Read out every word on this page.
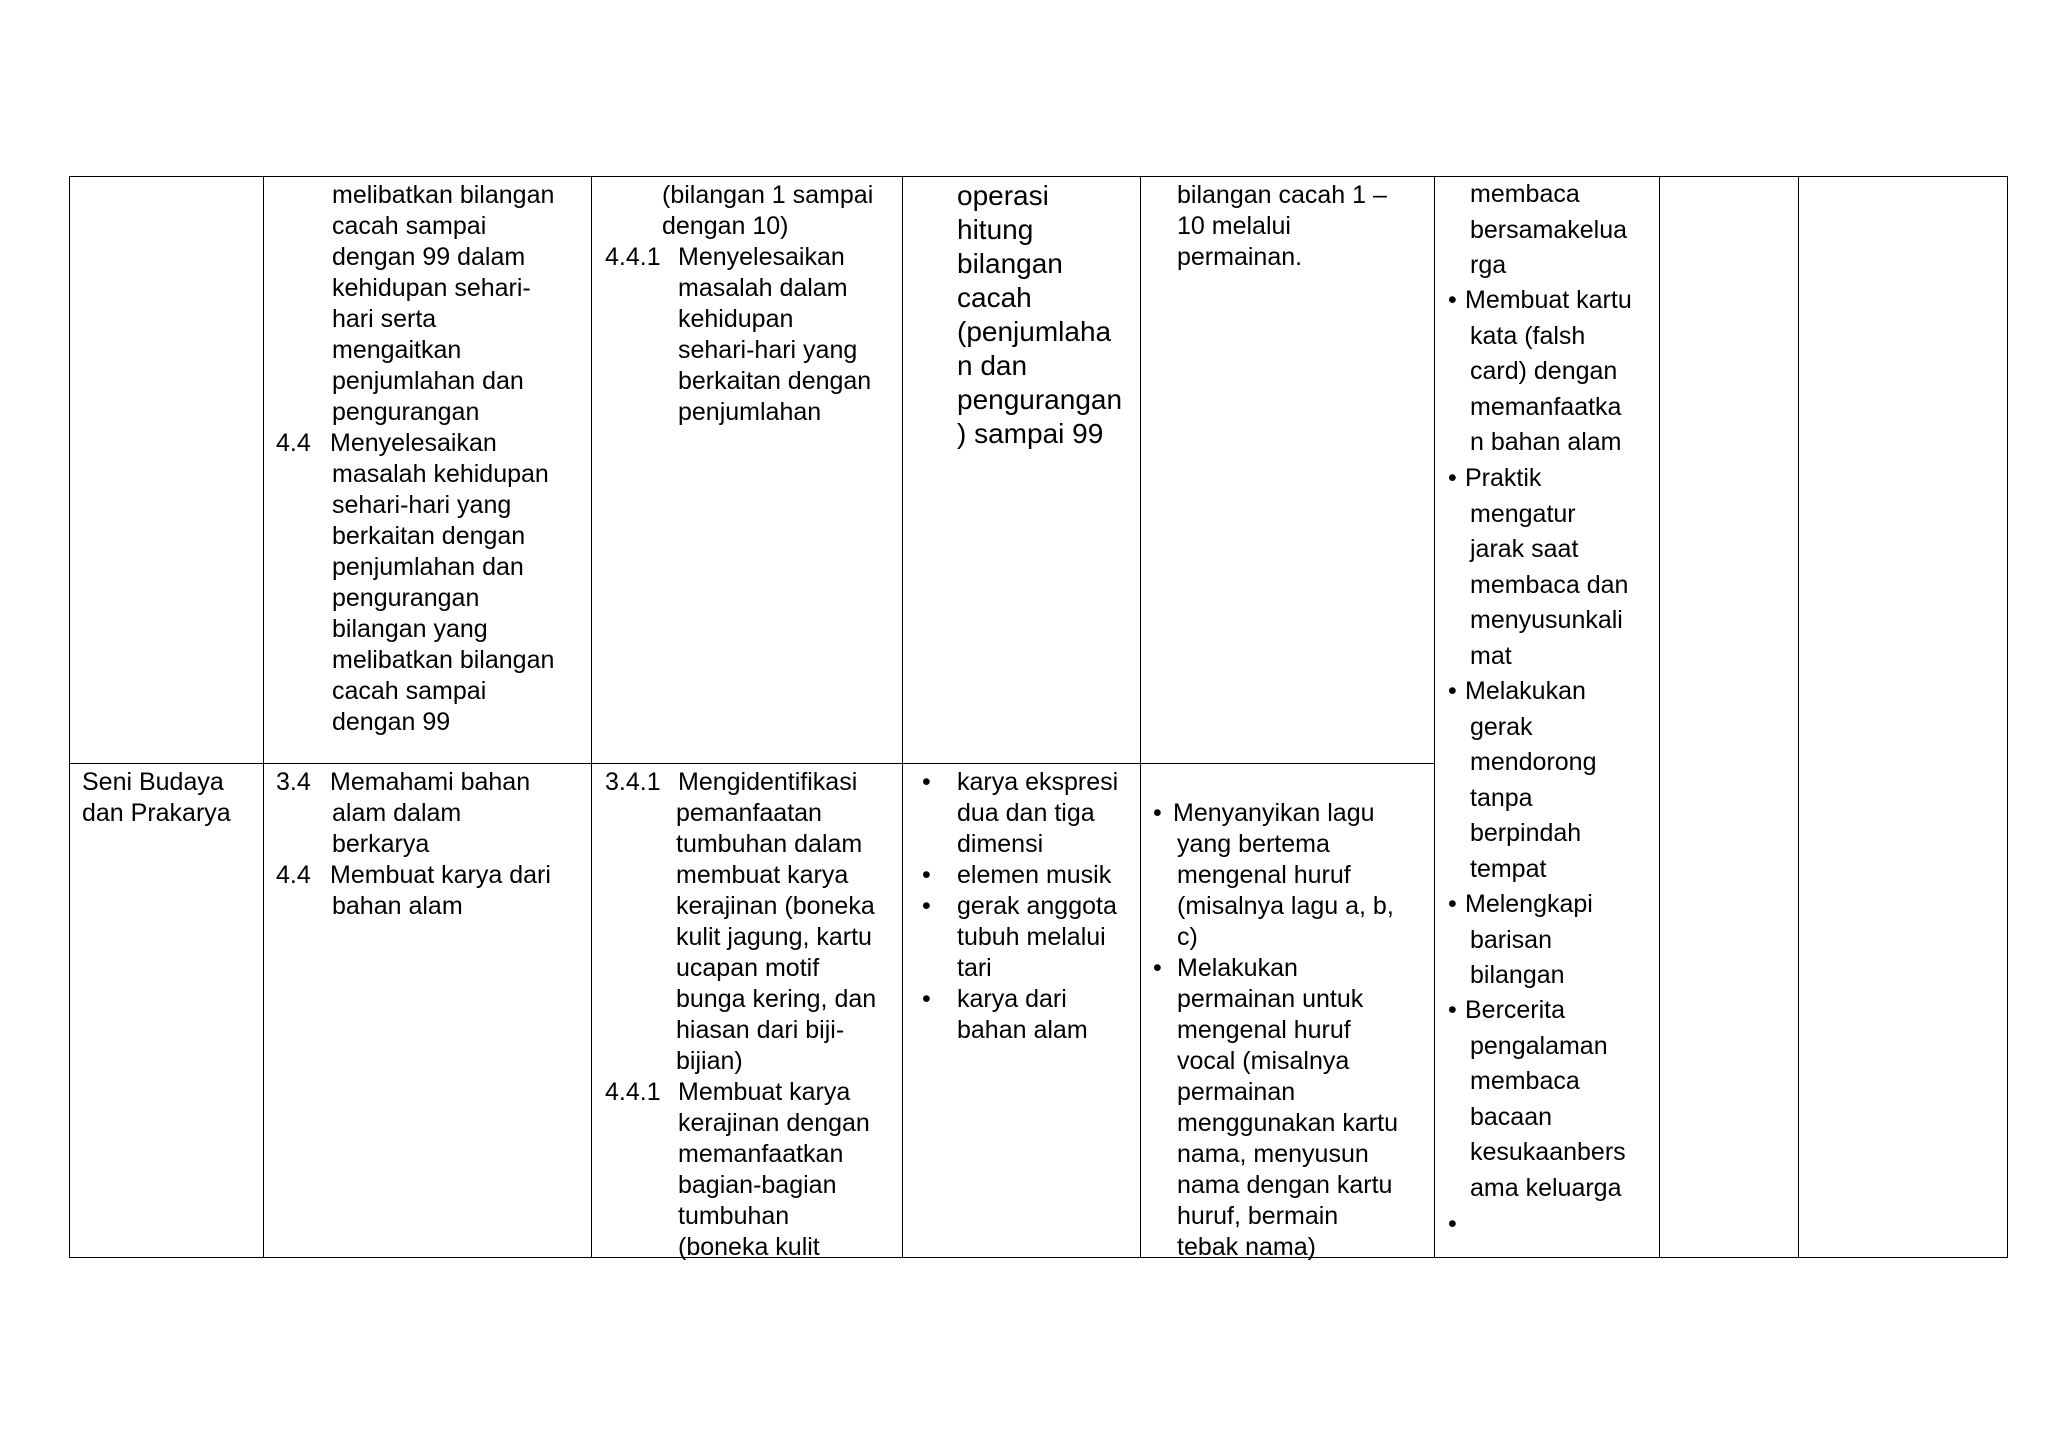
melibatkan bilangan
cacah sampai
dengan 99 dalam
kehidupan sehari-
hari serta
mengaitkan
penjumlahan dan
pengurangan
4.4 Menyelesaikan
masalah kehidupan
sehari-hari yang
berkaitan dengan
penjumlahan dan
pengurangan
bilangan yang
melibatkan bilangan
cacah sampai
dengan 99
(bilangan 1 sampai
dengan 10)
4.4.1 Menyelesaikan
masalah dalam
kehidupan
sehari-hari yang
berkaitan dengan
penjumlahan
operasi
hitung
bilangan
cacah
(penjumlaha
n dan
pengurangan
) sampai 99
bilangan cacah 1 –
10 melalui
permainan.
Seni Budaya
dan Prakarya
3.4 Memahami bahan
alam dalam
berkarya
4.4 Membuat karya dari
bahan alam
3.4.1 Mengidentifikasi
pemanfaatan
tumbuhan dalam
membuat karya
kerajinan (boneka
kulit jagung, kartu
ucapan motif
bunga kering, dan
hiasan dari biji-
bijian)
4.4.1 Membuat karya
kerajinan dengan
memanfaatkan
bagian-bagian
tumbuhan
(boneka kulit
• karya ekspresi
dua dan tiga
dimensi
• elemen musik
• gerak anggota
tubuh melalui
tari
• karya dari
bahan alam
• Menyanyikan lagu
yang bertema
mengenal huruf
(misalnya lagu a, b,
c)
• Melakukan
permainan untuk
mengenal huruf
vocal (misalnya
permainan
menggunakan kartu
nama, menyusun
nama dengan kartu
huruf, bermain
tebak nama)
membaca
bersamakelua
rga
• Membuat kartu
kata (falsh
card) dengan
memanfaatka
n bahan alam
• Praktik
mengatur
jarak saat
membaca dan
menyusunkali
mat
• Melakukan
gerak
mendorong
tanpa
berpindah
tempat
• Melengkapi
barisan
bilangan
• Bercerita
pengalaman
membaca
bacaan
kesukaanbers
ama keluarga
•
